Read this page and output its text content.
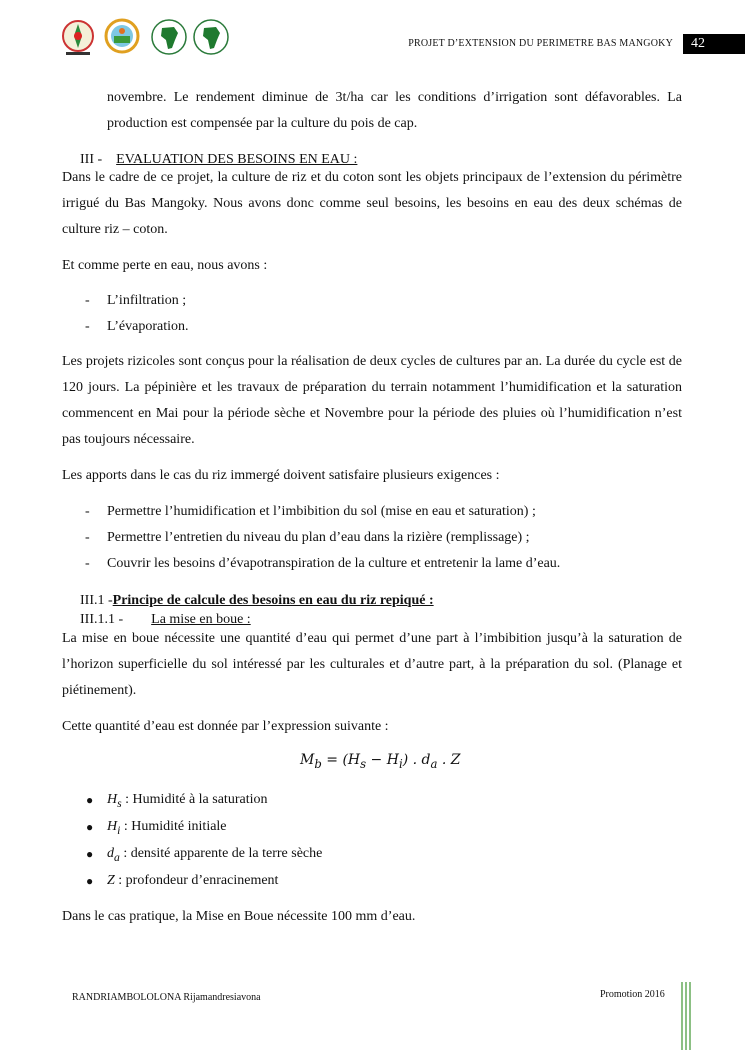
PROJET D’EXTENSION DU PERIMETRE BAS MANGOKY	42

novembre. Le rendement diminue de 3t/ha car les conditions d’irrigation sont défavorables. La production est compensée par la culture du pois de cap.

III - EVALUATION DES BESOINS EN EAU :

Dans le cadre de ce projet, la culture de riz et du coton sont les objets principaux de l’extension du périmètre irrigué du Bas Mangoky. Nous avons donc comme seul besoins, les besoins en eau des deux schémas de culture riz – coton.

Et comme perte en eau, nous avons :

- L’infiltration ;
- L’évaporation.

Les projets rizicoles sont conçus pour la réalisation de deux cycles de cultures par an. La durée du cycle est de 120 jours. La pépinière et les travaux de préparation du terrain notamment l’humidification et la saturation commencent en Mai pour la période sèche et Novembre pour la période des pluies où l’humidification n’est pas toujours nécessaire.

Les apports dans le cas du riz immergé doivent satisfaire plusieurs exigences :

- Permettre l’humidification et l’imbibition du sol (mise en eau et saturation) ;
- Permettre l’entretien du niveau du plan d’eau dans la rizière (remplissage) ;
- Couvrir les besoins d’évapotranspiration de la culture et entretenir la lame d’eau.
III.1 -Principe de calcule des besoins en eau du riz repiqué :
III.1.1 - La mise en boue :

La mise en boue nécessite une quantité d’eau qui permet d’une part à l’imbibition jusqu’à la saturation de l’horizon superficielle du sol intéressé par les culturales et d’autre part, à la préparation du sol. (Planage et piétinement).

Cette quantité d’eau est donnée par l’expression suivante :

$M_b = (H_s - H_i)$ . $d_a$ . Z
● $H_s$ : Humidité à la saturation
● $H_i$ : Humidité initiale
● $d_a$ : densité apparente de la terre sèche
● Z : profondeur d’enracinement

Dans le cas pratique, la Mise en Boue nécessite 100 mm d’eau.

RANDRIAMBOLOLONA Rijamandresiavona	Promotion 2016
